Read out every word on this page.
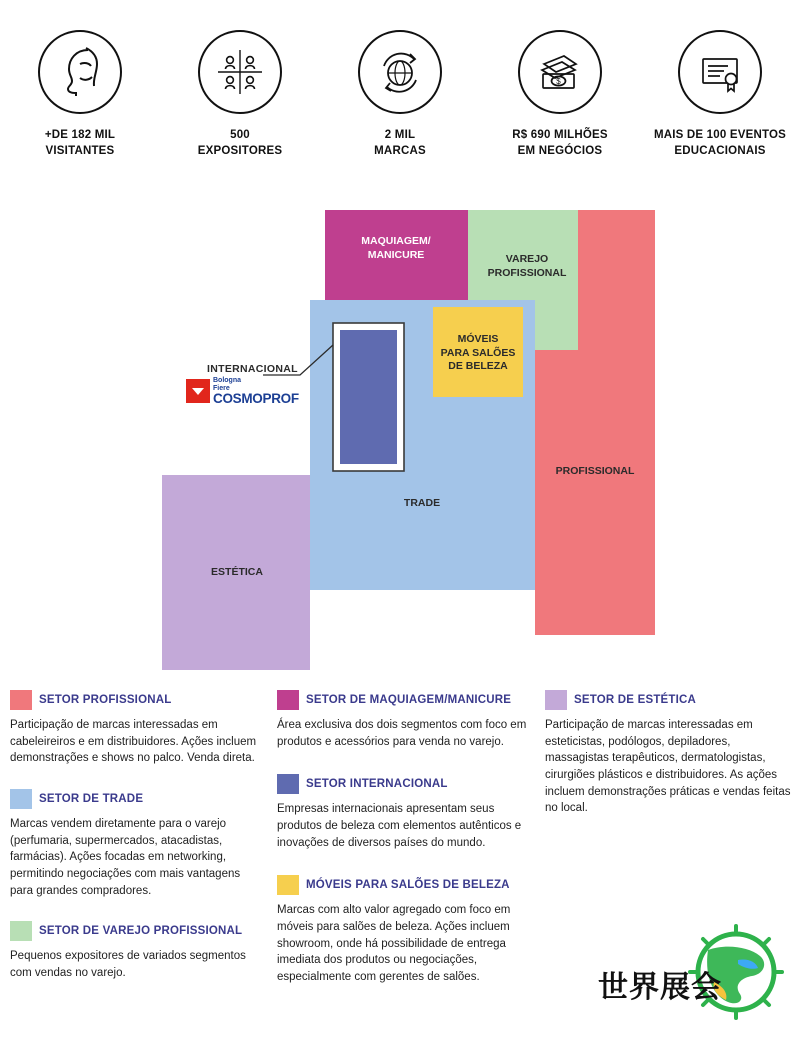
+DE 182 MIL
VISITANTES
500
EXPOSITORES
2 MIL
MARCAS
$
R$ 690 MILHÕES
EM NEGÓCIOS
MAIS DE 100 EVENTOS
EDUCACIONAIS
MAQUIAGEM/
MANICURE	VAREJO
PROFISSIONAL
MÓVEIS
PARA SALÕES
DE BELEZA
PROFISSIONAL
TRADE
ESTÉTICA
INTERNACIONAL
Bologna
Fiere
COSMOPROF
SETOR PROFISSIONAL
Participação de marcas interessadas em cabeleireiros e em distribuidores. Ações incluem demonstrações e shows no palco. Venda direta.
SETOR DE TRADE
Marcas vendem diretamente para o varejo (perfumaria, supermercados, atacadistas, farmácias). Ações focadas em networking, permitindo negociações com mais vantagens para grandes compradores.
SETOR DE VAREJO PROFISSIONAL
Pequenos expositores de variados segmentos com vendas no varejo.
SETOR DE MAQUIAGEM/MANICURE
Área exclusiva dos dois segmentos com foco em produtos e acessórios para venda no varejo.
SETOR INTERNACIONAL
Empresas internacionais apresentam seus produtos de beleza com elementos autênticos e inovações de diversos países do mundo.
MÓVEIS PARA SALÕES DE BELEZA
Marcas com alto valor agregado com foco em móveis para salões de beleza. Ações incluem showroom, onde há possibilidade de entrega imediata dos produtos ou negociações, especialmente com gerentes de salões.
SETOR DE ESTÉTICA
Participação de marcas interessadas em esteticistas, podólogos, depiladores, massagistas terapêuticos, dermatologistas, cirurgiões plásticos e distribuidores. As ações incluem demonstrações práticas e vendas feitas no local.
世界展会
